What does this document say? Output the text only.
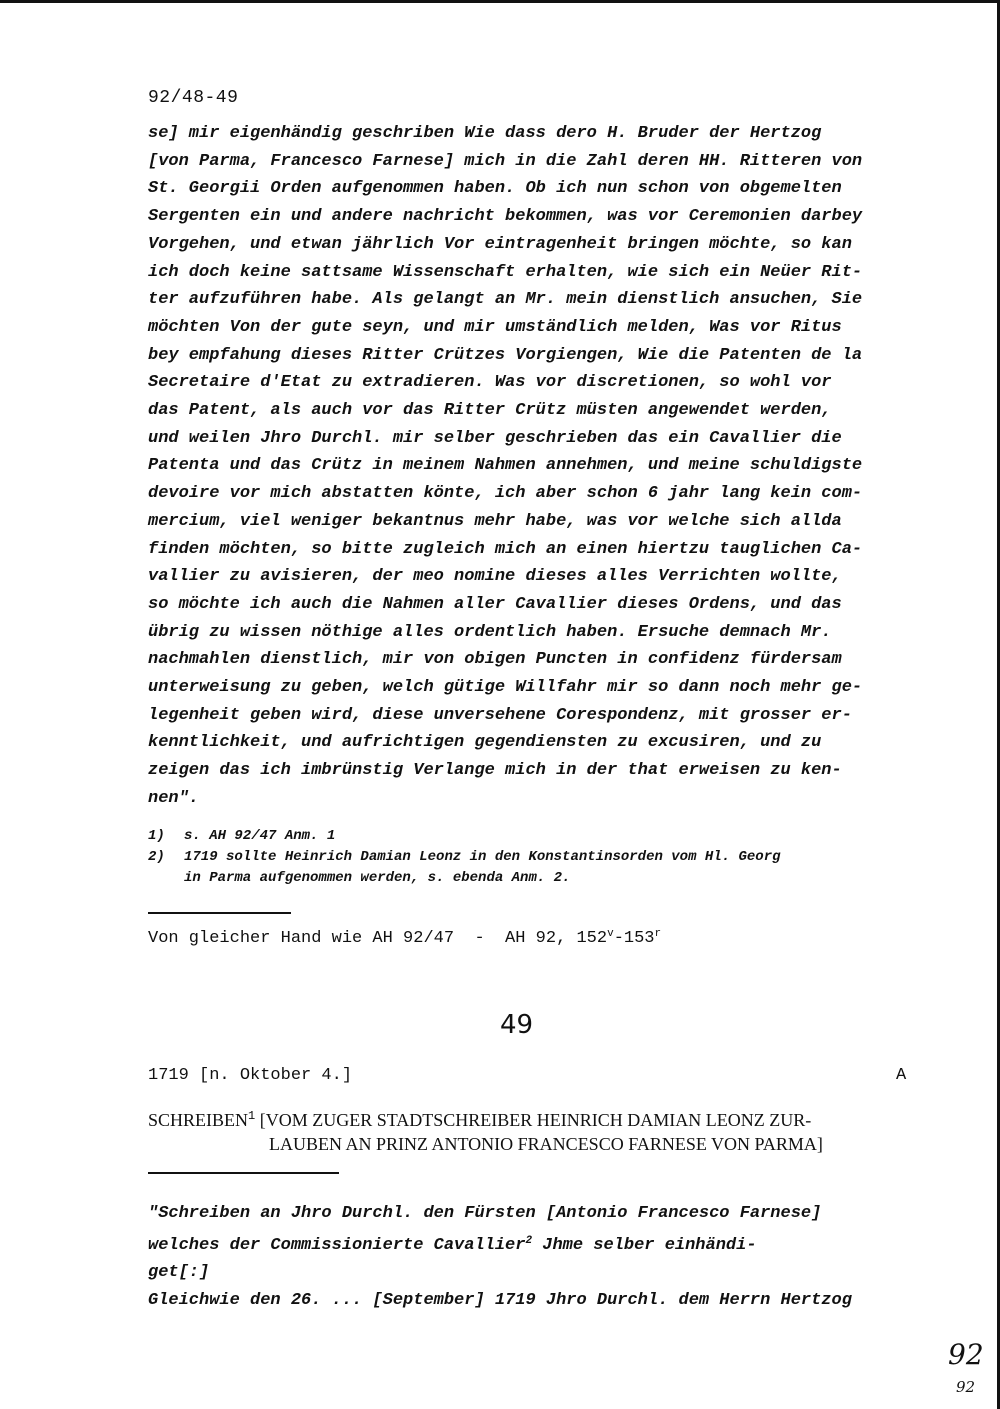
92/48-49
se] mir eigenhändig geschriben Wie dass dero H. Bruder der Hertzog
[von Parma, Francesco Farnese] mich in die Zahl deren HH. Ritteren von
St. Georgii Orden aufgenommen haben. Ob ich nun schon von obgemelten
Sergenten ein und andere nachricht bekommen, was vor Ceremonien darbey
Vorgehen, und etwan jährlich Vor eintragenheit bringen möchte, so kan
ich doch keine sattsame Wissenschaft erhalten, wie sich ein Neüer Rit-
ter aufzuführen habe. Als gelangt an Mr. mein dienstlich ansuchen, Sie
möchten Von der gute seyn, und mir umständlich melden, Was vor Ritus
bey empfahung dieses Ritter Crützes Vorgiengen, Wie die Patenten de la
Secretaire d'Etat zu extradieren. Was vor discretionen, so wohl vor
das Patent, als auch vor das Ritter Crütz müsten angewendet werden,
und weilen Jhro Durchl. mir selber geschrieben das ein Cavallier die
Patenta und das Crütz in meinem Nahmen annehmen, und meine schuldigste
devoire vor mich abstatten könte, ich aber schon 6 jahr lang kein com-
mercium, viel weniger bekantnus mehr habe, was vor welche sich allda
finden möchten, so bitte zugleich mich an einen hiertzu tauglichen Ca-
vallier zu avisieren, der meo nomine dieses alles Verrichten wollte,
so möchte ich auch die Nahmen aller Cavallier dieses Ordens, und das
übrig zu wissen nöthige alles ordentlich haben. Ersuche demnach Mr.
nachmahlen dienstlich, mir von obigen Puncten in confidenz fürdersam
unterweisung zu geben, welch gütige Willfahr mir so dann noch mehr ge-
legenheit geben wird, diese unversehene Corespondenz, mit grosser er-
kenntlichkeit, und aufrichtigen gegendiensten zu excusiren, und zu
zeigen das ich imbrünstig Verlange mich in der that erweisen zu ken-
nen".
1)	s. AH 92/47 Anm. 1
2)	1719 sollte Heinrich Damian Leonz in den Konstantinsorden vom Hl. Georg
in Parma aufgenommen werden, s. ebenda Anm. 2.
Von gleicher Hand wie AH 92/47  -  AH 92, 152$^v$-153$^r$
49
1719 [n. Oktober 4.]	A
SCHREIBEN$^1$ [VOM ZUGER STADTSCHREIBER HEINRICH DAMIAN LEONZ ZUR-
LAUBEN AN PRINZ ANTONIO FRANCESCO FARNESE VON PARMA]
"Schreiben an Jhro Durchl. den Fürsten [Antonio Francesco Farnese]
welches der Commissionierte Cavallier$^2$ Jhme selber einhändi-
get[:]
Gleichwie den 26. ... [September] 1719 Jhro Durchl. dem Herrn Hertzog
92
92
